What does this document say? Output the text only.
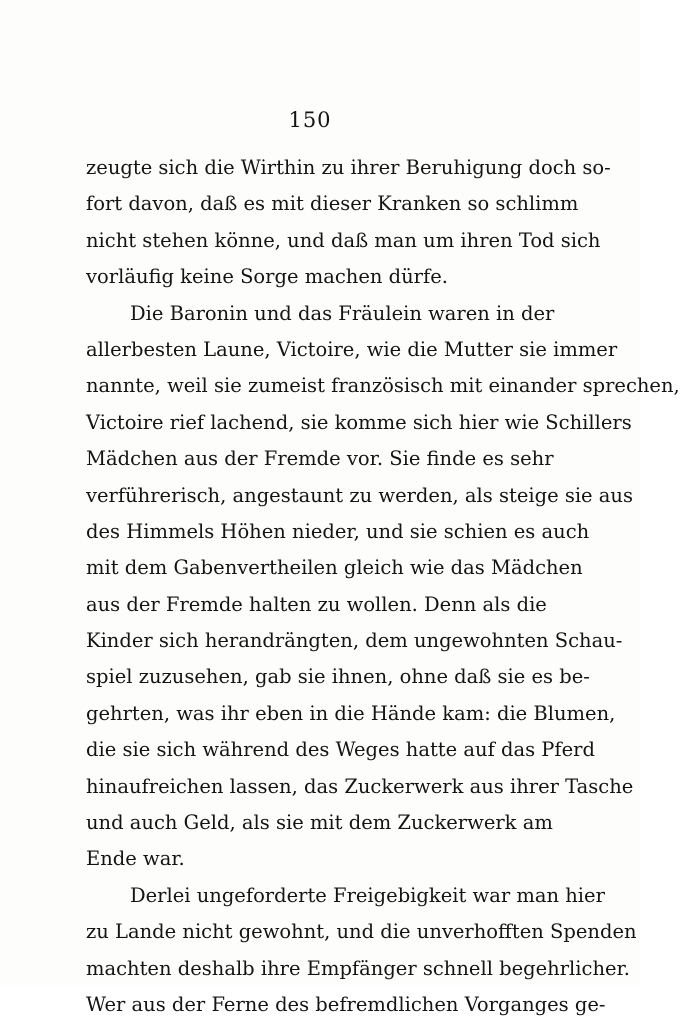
150
zeugte sich die Wirthin zu ihrer Beruhigung doch so-
fort davon, daß es mit dieser Kranken so schlimm
nicht stehen könne, und daß man um ihren Tod sich
vorläufig keine Sorge machen dürfe.
Die Baronin und das Fräulein waren in der
allerbesten Laune, Victoire, wie die Mutter sie immer
nannte, weil sie zumeist französisch mit einander sprechen,
Victoire rief lachend, sie komme sich hier wie Schillers
Mädchen aus der Fremde vor. Sie finde es sehr
verführerisch, angestaunt zu werden, als steige sie aus
des Himmels Höhen nieder, und sie schien es auch
mit dem Gabenvertheilen gleich wie das Mädchen
aus der Fremde halten zu wollen. Denn als die
Kinder sich herandrängten, dem ungewohnten Schau-
spiel zuzusehen, gab sie ihnen, ohne daß sie es be-
gehrten, was ihr eben in die Hände kam: die Blumen,
die sie sich während des Weges hatte auf das Pferd
hinaufreichen lassen, das Zuckerwerk aus ihrer Tasche
und auch Geld, als sie mit dem Zuckerwerk am
Ende war.
Derlei ungeforderte Freigebigkeit war man hier
zu Lande nicht gewohnt, und die unverhofften Spenden
machten deshalb ihre Empfänger schnell begehrlicher.
Wer aus der Ferne des befremdlichen Vorganges ge-
